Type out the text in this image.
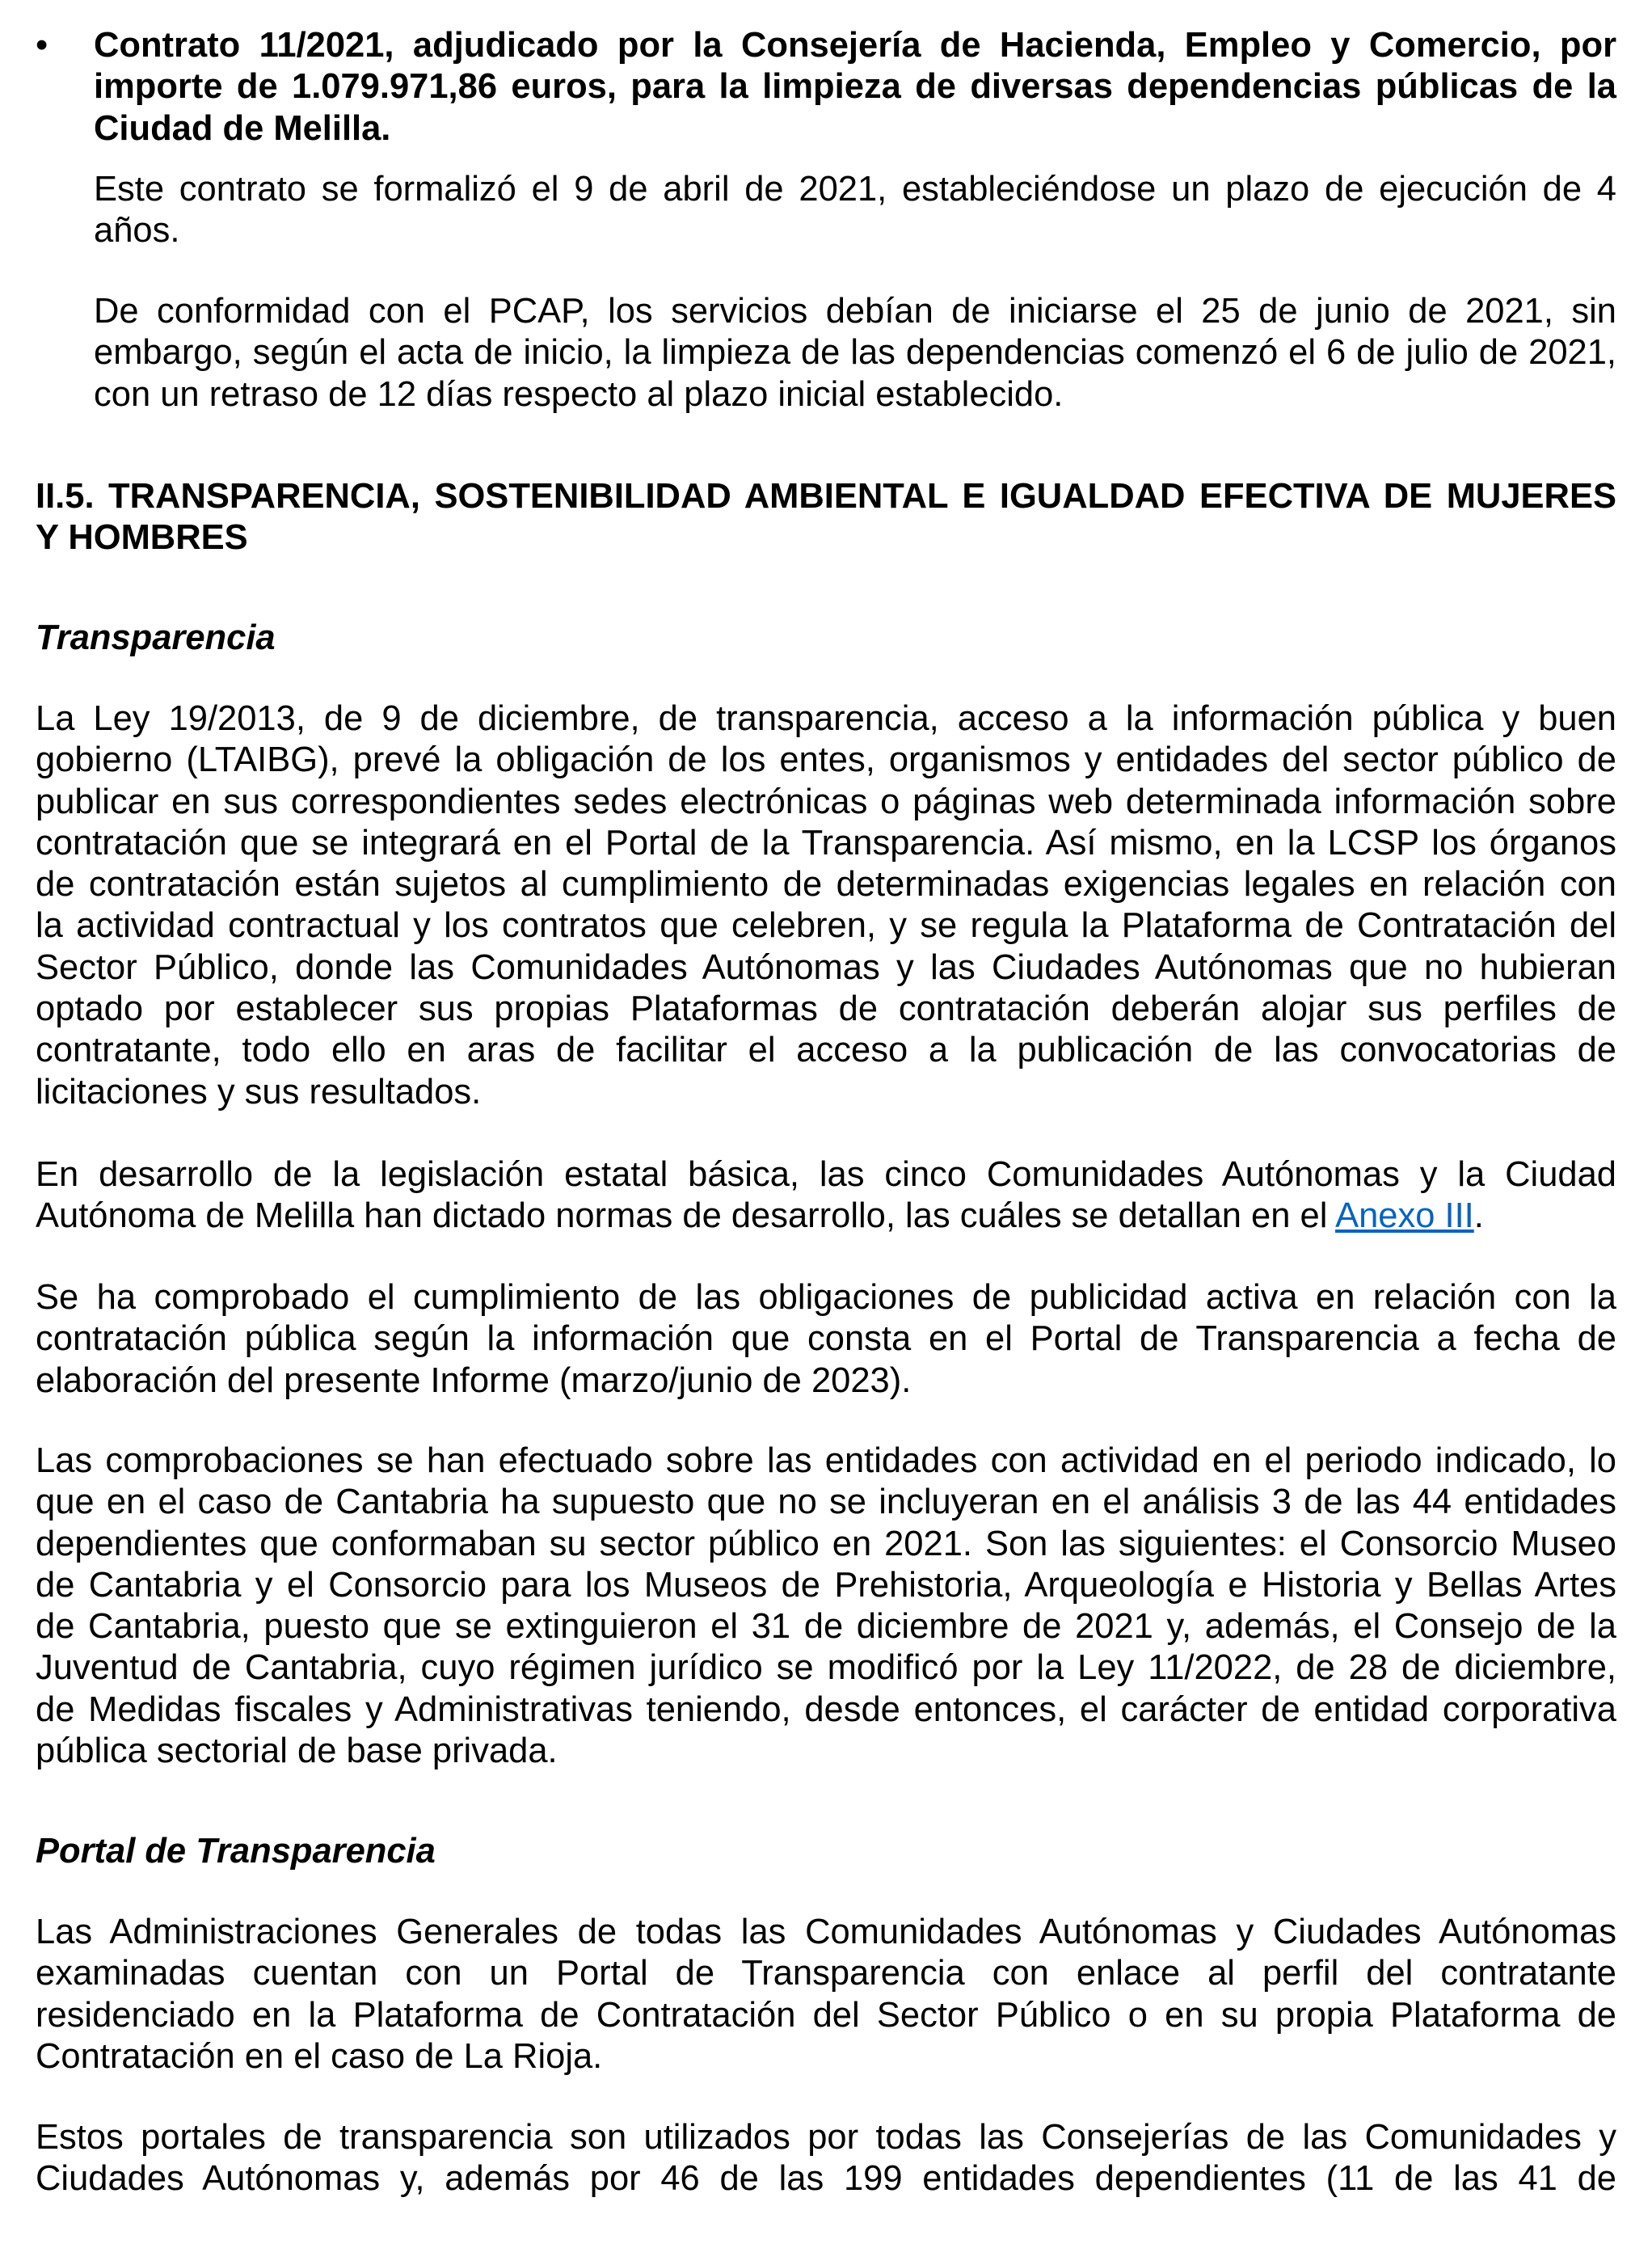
• Contrato 11/2021, adjudicado por la Consejería de Hacienda, Empleo y Comercio, por
importe de 1.079.971,86 euros, para la limpieza de diversas dependencias públicas de la
Ciudad de Melilla.
Este contrato se formalizó el 9 de abril de 2021, estableciéndose un plazo de ejecución de 4
años.
De conformidad con el PCAP, los servicios debían de iniciarse el 25 de junio de 2021, sin
embargo, según el acta de inicio, la limpieza de las dependencias comenzó el 6 de julio de 2021,
con un retraso de 12 días respecto al plazo inicial establecido.
II.5. TRANSPARENCIA, SOSTENIBILIDAD AMBIENTAL E IGUALDAD EFECTIVA DE MUJERES
Y HOMBRES
Transparencia
La Ley 19/2013, de 9 de diciembre, de transparencia, acceso a la información pública y buen
gobierno (LTAIBG), prevé la obligación de los entes, organismos y entidades del sector público de
publicar en sus correspondientes sedes electrónicas o páginas web determinada información sobre
contratación que se integrará en el Portal de la Transparencia. Así mismo, en la LCSP los órganos
de contratación están sujetos al cumplimiento de determinadas exigencias legales en relación con
la actividad contractual y los contratos que celebren, y se regula la Plataforma de Contratación del
Sector Público, donde las Comunidades Autónomas y las Ciudades Autónomas que no hubieran
optado por establecer sus propias Plataformas de contratación deberán alojar sus perfiles de
contratante, todo ello en aras de facilitar el acceso a la publicación de las convocatorias de
licitaciones y sus resultados.
En desarrollo de la legislación estatal básica, las cinco Comunidades Autónomas y la Ciudad
Autónoma de Melilla han dictado normas de desarrollo, las cuáles se detallan en el Anexo III.
Se ha comprobado el cumplimiento de las obligaciones de publicidad activa en relación con la
contratación pública según la información que consta en el Portal de Transparencia a fecha de
elaboración del presente Informe (marzo/junio de 2023).
Las comprobaciones se han efectuado sobre las entidades con actividad en el periodo indicado, lo
que en el caso de Cantabria ha supuesto que no se incluyeran en el análisis 3 de las 44 entidades
dependientes que conformaban su sector público en 2021. Son las siguientes: el Consorcio Museo
de Cantabria y el Consorcio para los Museos de Prehistoria, Arqueología e Historia y Bellas Artes
de Cantabria, puesto que se extinguieron el 31 de diciembre de 2021 y, además, el Consejo de la
Juventud de Cantabria, cuyo régimen jurídico se modificó por la Ley 11/2022, de 28 de diciembre,
de Medidas fiscales y Administrativas teniendo, desde entonces, el carácter de entidad corporativa
pública sectorial de base privada.
Portal de Transparencia
Las Administraciones Generales de todas las Comunidades Autónomas y Ciudades Autónomas
examinadas cuentan con un Portal de Transparencia con enlace al perfil del contratante
residenciado en la Plataforma de Contratación del Sector Público o en su propia Plataforma de
Contratación en el caso de La Rioja.
Estos portales de transparencia son utilizados por todas las Consejerías de las Comunidades y
Ciudades Autónomas y, además por 46 de las 199 entidades dependientes (11 de las 41 de
